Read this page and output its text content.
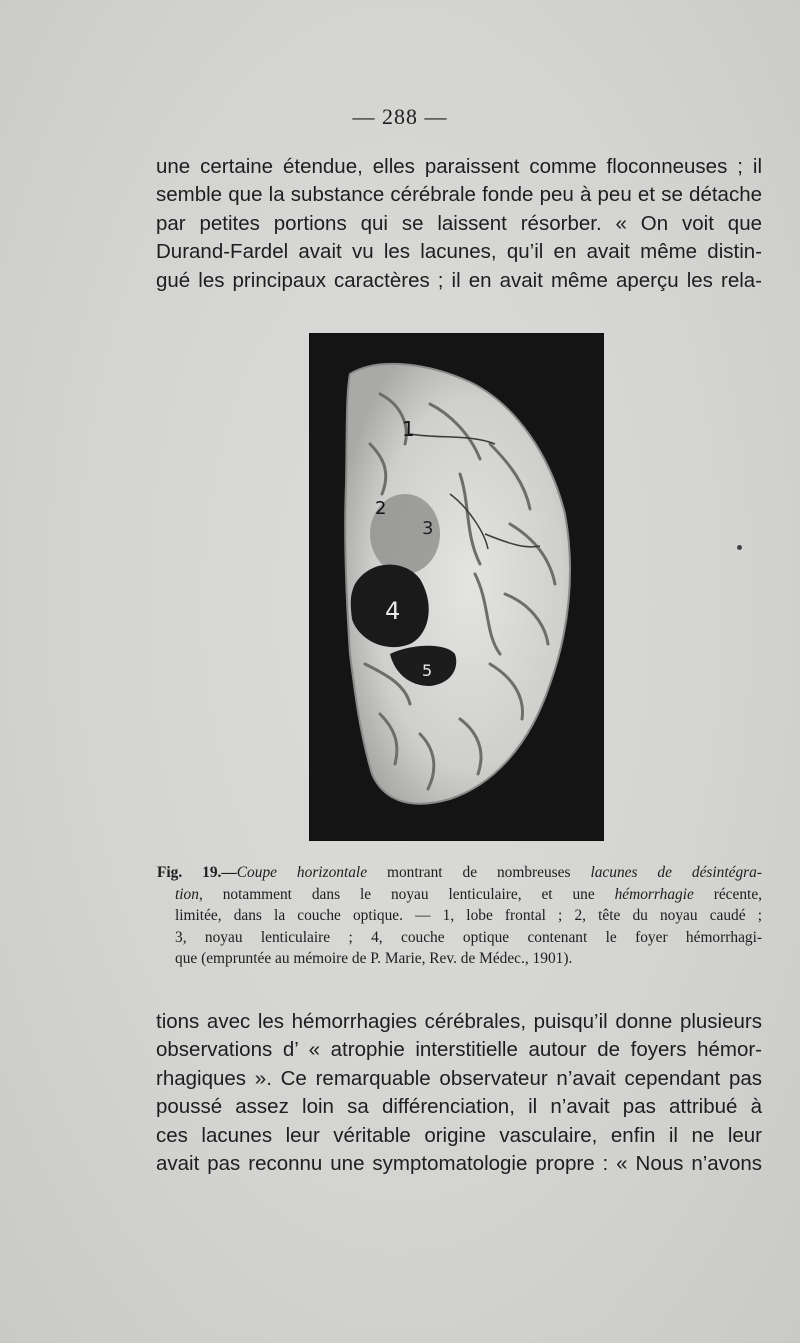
— 288 —
une certaine étendue, elles paraissent comme floconneuses ; il
semble que la substance cérébrale fonde peu à peu et se détache
par petites portions qui se laissent résorber. « On voit que
Durand-Fardel avait vu les lacunes, qu’il en avait même distin-
gué les principaux caractères ; il en avait même aperçu les rela-
1
2
3
4
5
Fig. 19.—Coupe horizontale montrant de nombreuses lacunes de désintégra-
tion, notamment dans le noyau lenticulaire, et une hémorrhagie récente,
limitée, dans la couche optique. — 1, lobe frontal ; 2, tête du noyau caudé ;
3, noyau lenticulaire ; 4, couche optique contenant le foyer hémorrhagi-
que (empruntée au mémoire de P. Marie, Rev. de Médec., 1901).
tions avec les hémorrhagies cérébrales, puisqu’il donne plusieurs
observations d’ « atrophie interstitielle autour de foyers hémor-
rhagiques ». Ce remarquable observateur n’avait cependant pas
poussé assez loin sa différenciation, il n’avait pas attribué à
ces lacunes leur véritable origine vasculaire, enfin il ne leur
avait pas reconnu une symptomatologie propre : « Nous n’avons
